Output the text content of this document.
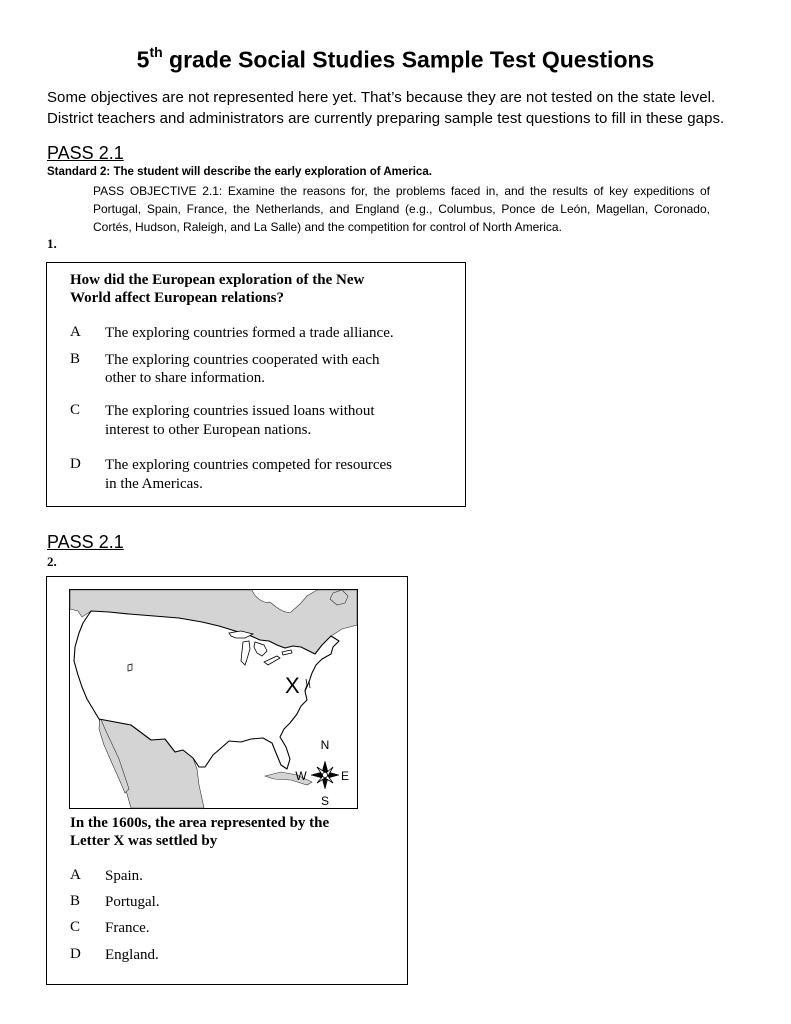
5th grade Social Studies Sample Test Questions
Some objectives are not represented here yet. That’s because they are not tested on the state level.
District teachers and administrators are currently preparing sample test questions to fill in these gaps.
PASS 2.1
Standard 2: The student will describe the early exploration of America.
PASS OBJECTIVE 2.1: Examine the reasons for, the problems faced in, and the results of key expeditions of Portugal, Spain, France, the Netherlands, and England (e.g., Columbus, Ponce de León, Magellan, Coronado, Cortés, Hudson, Raleigh, and La Salle) and the competition for control of North America.
1.
How did the European exploration of the New
World affect European relations?
A The exploring countries formed a trade alliance.
B The exploring countries cooperated with each
other to share information.
C The exploring countries issued loans without
interest to other European nations.
D The exploring countries competed for resources
in the Americas.
PASS 2.1
2.
X
N
S
E
W
In the 1600s, the area represented by the
Letter X was settled by
A Spain.
B Portugal.
C France.
D England.
